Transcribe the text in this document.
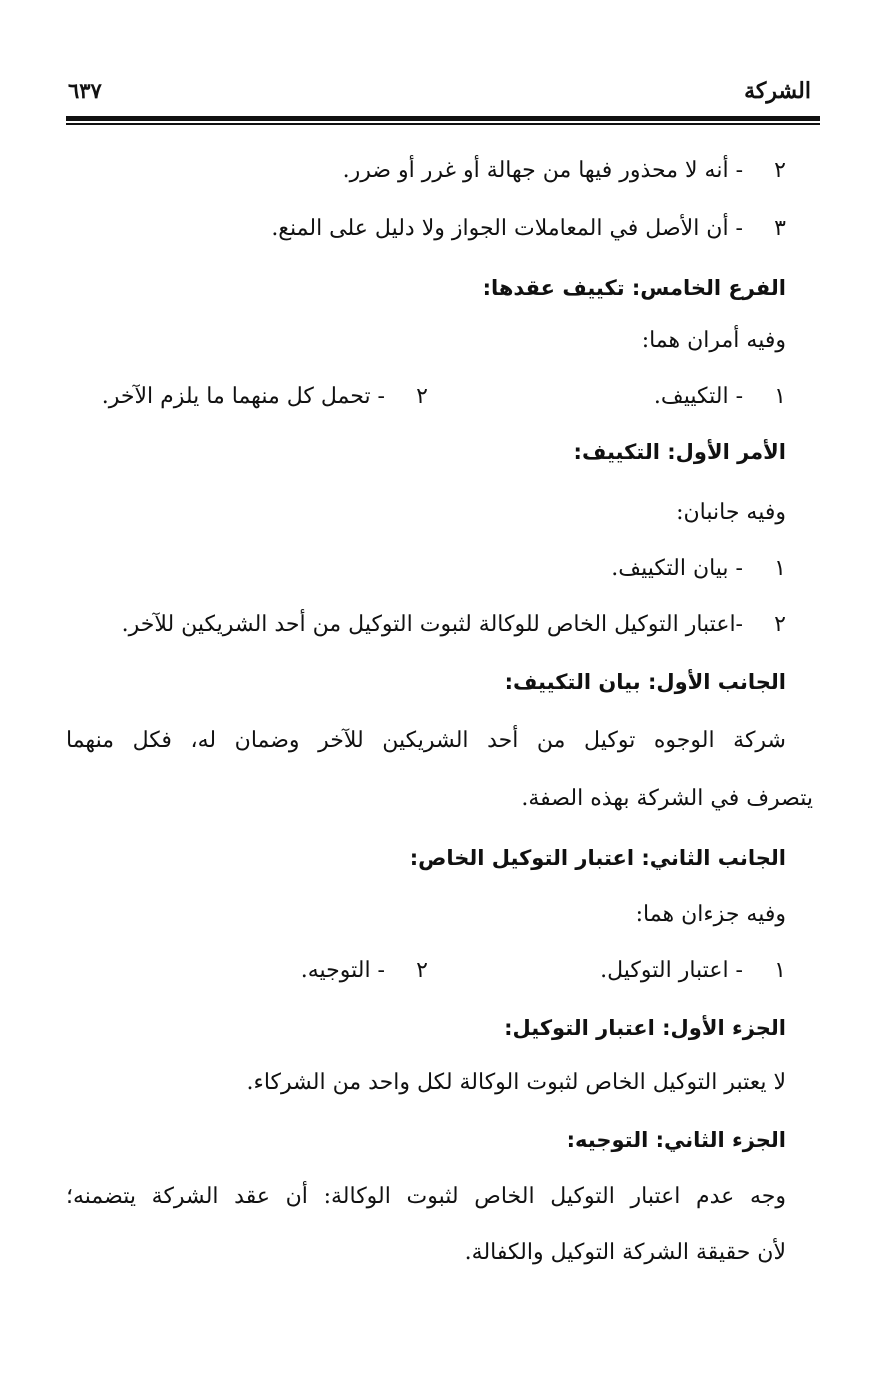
الشركة
٦٣٧
٢ - أنه لا محذور فيها من جهالة أو غرر أو ضرر.
٣ - أن الأصل في المعاملات الجواز ولا دليل على المنع.
الفرع الخامس: تكييف عقدها:
وفيه أمران هما:
١ - التكييف.
٢ - تحمل كل منهما ما يلزم الآخر.
الأمر الأول: التكييف:
وفيه جانبان:
١ - بيان التكييف.
٢ -اعتبار التوكيل الخاص للوكالة لثبوت التوكيل من أحد الشريكين للآخر.
الجانب الأول: بيان التكييف:
شركة الوجوه توكيل من أحد الشريكين للآخر وضمان له، فكل منهما
يتصرف في الشركة بهذه الصفة.
الجانب الثاني: اعتبار التوكيل الخاص:
وفيه جزءان هما:
١ - اعتبار التوكيل.
٢ - التوجيه.
الجزء الأول: اعتبار التوكيل:
لا يعتبر التوكيل الخاص لثبوت الوكالة لكل واحد من الشركاء.
الجزء الثاني: التوجيه:
وجه عدم اعتبار التوكيل الخاص لثبوت الوكالة: أن عقد الشركة يتضمنه؛
لأن حقيقة الشركة التوكيل والكفالة.
